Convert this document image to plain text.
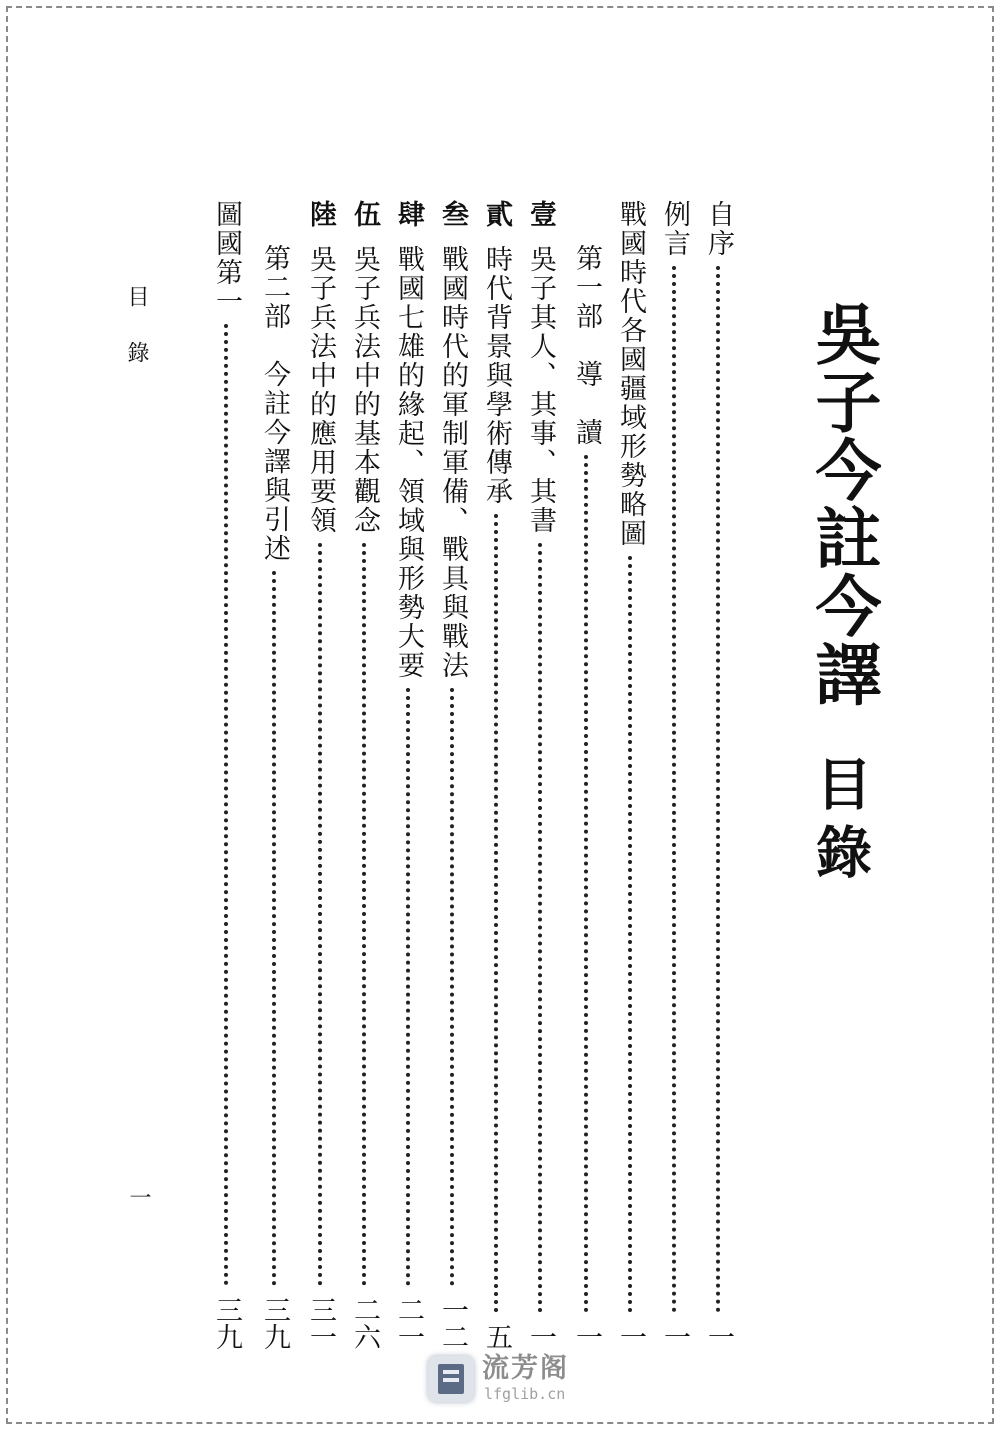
吳子今註今譯
目錄
自序
一
例言
一
戰國時代各國疆域形勢略圖
一
第一部　導　讀
一
壹吳子其人、其事、其書
一
貳時代背景與學術傳承
五
叁戰國時代的軍制軍備、戰具與戰法
一二
肆戰國七雄的緣起、領域與形勢大要
二一
伍吳子兵法中的基本觀念
二六
陸吳子兵法中的應用要領
三一
第二部　今註今譯與引述
三九
圖國第一
三九
目錄
一
流芳阁
lfglib.cn
